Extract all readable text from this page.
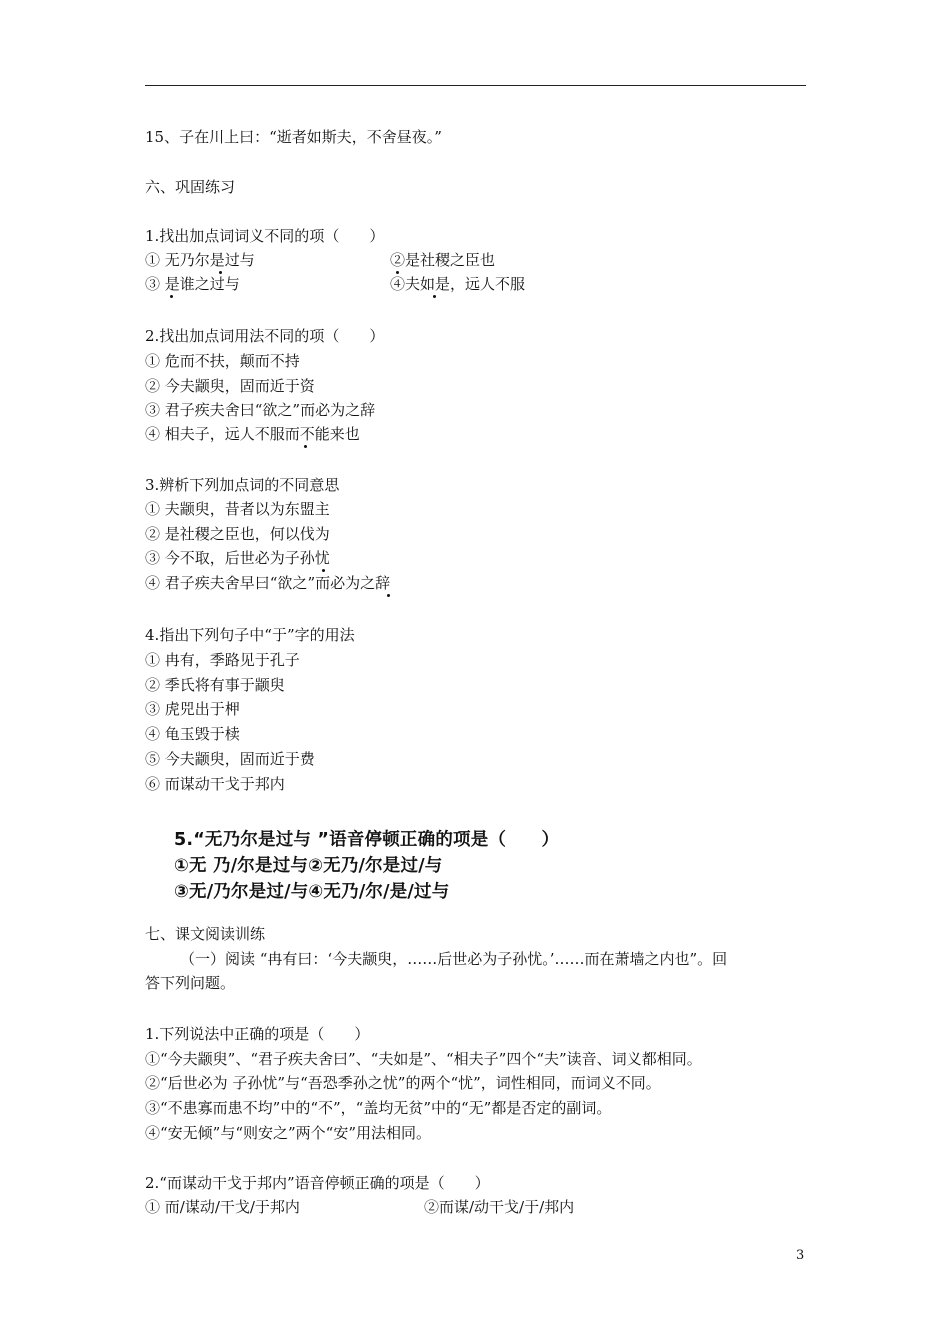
15、子在川上曰：“逝者如斯夫，不舍昼夜。”
六、巩固练习
1.找出加点词词义不同的项（　　）
① 无乃尔是过与	②是社稷之臣也
③ 是谁之过与	④夫如是，远人不服
2.找出加点词用法不同的项（　　）
① 危而不扶，颠而不持
② 今夫颛臾，固而近于资
③ 君子疾夫舍曰“欲之”而必为之辞
④ 相夫子，远人不服而不能来也
3.辨析下列加点词的不同意思
① 夫颛臾，昔者以为东盟主
② 是社稷之臣也，何以伐为
③ 今不取，后世必为子孙忧
④ 君子疾夫舍早曰“欲之”而必为之辞
4.指出下列句子中“于”字的用法
① 冉有，季路见于孔子
② 季氏将有事于颛臾
③ 虎兕出于柙
④ 龟玉毁于椟
⑤ 今夫颛臾，固而近于费
⑥ 而谋动干戈于邦内
5.“无乃尔是过与 ”语音停顿正确的项是（　　）
①无 乃/尔是过与②无乃/尔是过/与
③无/乃尔是过/与④无乃/尔/是/过与
七、课文阅读训练
（一）阅读 “冉有曰：‘今夫颛臾，……后世必为子孙忧。’……而在萧墙之内也”。回
答下列问题。
1.下列说法中正确的项是（　　）
①“今夫颛臾”、“君子疾夫舍曰”、“夫如是”、“相夫子”四个“夫”读音、词义都相同。
②“后世必为 子孙忧”与“吾恐季孙之忧”的两个“忧”，词性相同，而词义不同。
③“不患寡而患不均”中的“不”，“盖均无贫”中的“无”都是否定的副词。
④“安无倾”与“则安之”两个“安”用法相同。
2.“而谋动干戈于邦内”语音停顿正确的项是（　　）
① 而/谋动/干戈/于邦内	②而谋/动干戈/于/邦内
3
